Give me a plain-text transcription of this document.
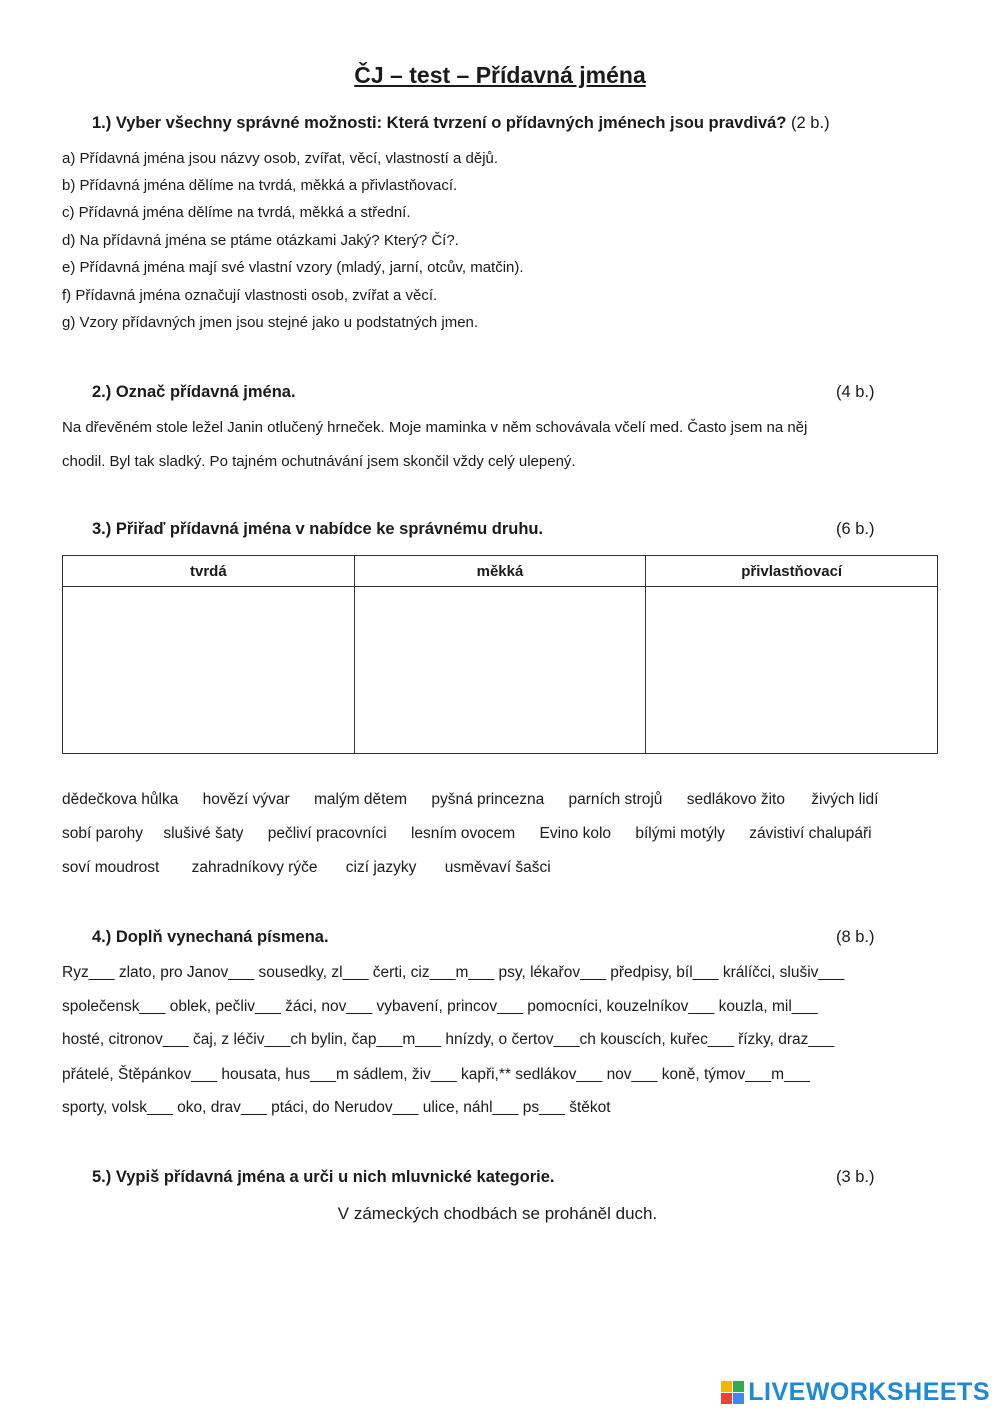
ČJ – test – Přídavná jména
1.) Vyber všechny správné možnosti: Která tvrzení o přídavných jménech jsou pravdivá? (2 b.)
a) Přídavná jména jsou názvy osob, zvířat, věcí, vlastností a dějů.
b) Přídavná jména dělíme na tvrdá, měkká a přivlastňovací.
c) Přídavná jména dělíme na tvrdá, měkká a střední.
d) Na přídavná jména se ptáme otázkami Jaký? Který? Čí?.
e) Přídavná jména mají své vlastní vzory (mladý, jarní, otcův, matčin).
f) Přídavná jména označují vlastnosti osob, zvířat a věcí.
g) Vzory přídavných jmen jsou stejné jako u podstatných jmen.
2.) Označ přídavná jména.	(4 b.)
Na dřevěném stole ležel Janin otlučený hrneček. Moje maminka v něm schovávala včelí med. Často jsem na něj
chodil. Byl tak sladký. Po tajném ochutnávání jsem skončil vždy celý ulepený.
3.) Přiřaď přídavná jména v nabídce ke správnému druhu.	(6 b.)
tvrdá	měkká	přivlastňovací

dědečkova hůlka hovězí vývar malým dětem pyšná princezna parních strojů sedlákovo žito živých lidí
sobí parohy slušivé šaty pečliví pracovníci lesním ovocem Evino kolo bílými motýly závistiví chalupáři
soví moudrost zahradníkovy rýče cizí jazyky usměvaví šašci
4.) Doplň vynechaná písmena.	(8 b.)
Ryz___ zlato, pro Janov___ sousedky, zl___ čerti, ciz___m___ psy, lékařov___ předpisy, bíl___ králíčci, slušiv___
společensk___ oblek, pečliv___ žáci, nov___ vybavení, princov___ pomocníci, kouzelníkov___ kouzla, mil___
hosté, citronov___ čaj, z léčiv___ch bylin, čap___m___ hnízdy, o čertov___ch kouscích, kuřec___ řízky, draz___
přátelé, Štěpánkov___ housata, hus___m sádlem, živ___ kapři,** sedlákov___ nov___ koně, týmov___m___
sporty, volsk___ oko, drav___ ptáci, do Nerudov___ ulice, náhl___ ps___ štěkot
5.) Vypiš přídavná jména a urči u nich mluvnické kategorie.	(3 b.)
V zámeckých chodbách se proháněl duch.
LIVEWORKSHEETS
